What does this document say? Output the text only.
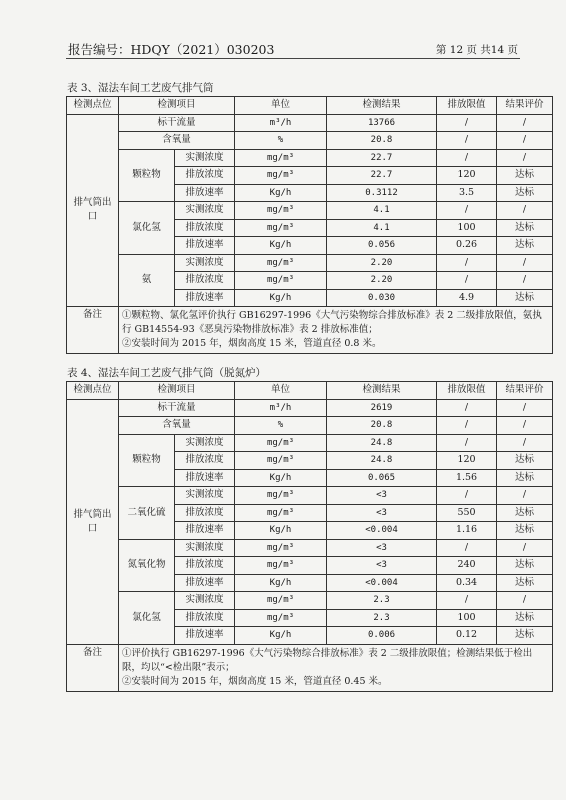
报告编号：HDQY（2021）030203	第 12 页 共14 页
表 3、湿法车间工艺废气排气筒
检测点位	检测项目		单位	检测结果	排放限值	结果评价
排气筒出口	标干流量		m³/h	13766	/	/
	含氧量		%	20.8	/	/
	颗粒物	实测浓度	mg/m³	22.7	/	/
		排放浓度	mg/m³	22.7	120	达标
		排放速率	Kg/h	0.3112	3.5	达标
	氯化氢	实测浓度	mg/m³	4.1	/	/
		排放浓度	mg/m³	4.1	100	达标
		排放速率	Kg/h	0.056	0.26	达标
	氨	实测浓度	mg/m³	2.20	/	/
		排放浓度	mg/m³	2.20	/	/
		排放速率	Kg/h	0.030	4.9	达标
备注	①颗粒物、氯化氢评价执行 GB16297-1996《大气污染物综合排放标准》表 2 二级排放限值，氨执行 GB14554-93《恶臭污染物排放标准》表 2 排放标准值；
②安装时间为 2015 年，烟囱高度 15 米，管道直径 0.8 米。					
表 4、湿法车间工艺废气排气筒（脱氮炉）
检测点位	检测项目		单位	检测结果	排放限值	结果评价
排气筒出口	标干流量		m³/h	2619	/	/
	含氧量		%	20.8	/	/
	颗粒物	实测浓度	mg/m³	24.8	/	/
		排放浓度	mg/m³	24.8	120	达标
		排放速率	Kg/h	0.065	1.56	达标
	二氧化硫	实测浓度	mg/m³	<3	/	/
		排放浓度	mg/m³	<3	550	达标
		排放速率	Kg/h	<0.004	1.16	达标
	氮氧化物	实测浓度	mg/m³	<3	/	/
		排放浓度	mg/m³	<3	240	达标
		排放速率	Kg/h	<0.004	0.34	达标
	氯化氢	实测浓度	mg/m³	2.3	/	/
		排放浓度	mg/m³	2.3	100	达标
		排放速率	Kg/h	0.006	0.12	达标
备注	①评价执行 GB16297-1996《大气污染物综合排放标准》表 2 二级排放限值；检测结果低于检出限，均以“<检出限”表示；
②安装时间为 2015 年，烟囱高度 15 米，管道直径 0.45 米。					
